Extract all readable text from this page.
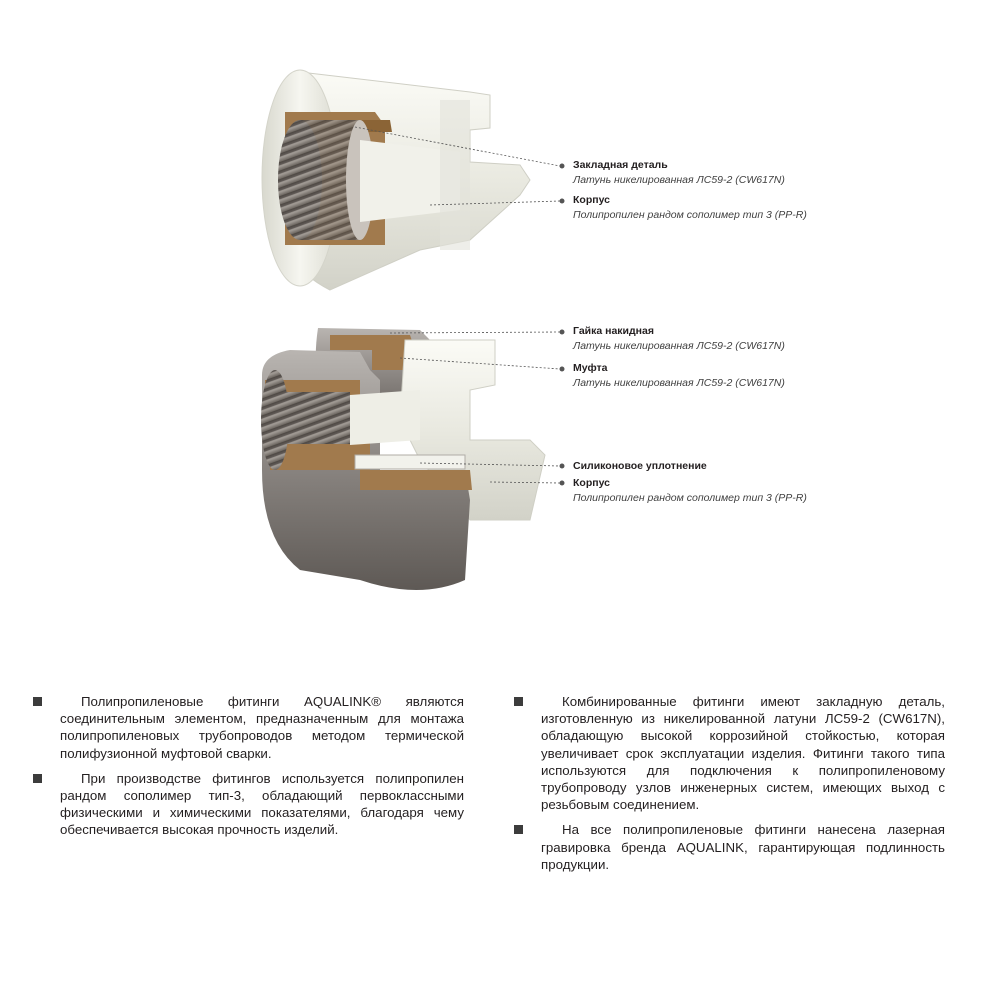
Закладная деталь
Латунь никелированная ЛС59-2 (CW617N)
Корпус
Полипропилен рандом сополимер тип 3 (PP-R)
Гайка накидная
Латунь никелированная ЛС59-2 (CW617N)
Муфта
Латунь никелированная ЛС59-2 (CW617N)
Силиконовое уплотнение
Корпус
Полипропилен рандом сополимер тип 3 (PP-R)

Полипропиленовые фитинги AQUALINK® являются соединительным элементом, предназначенным для монтажа полипропиленовых трубопроводов методом термической полифузионной муфтовой сварки.

При производстве фитингов используется полипропилен рандом сополимер тип-3, обладающий первоклассными физическими и химическими показателями, благодаря чему обеспечивается высокая прочность изделий.

Комбинированные фитинги имеют закладную деталь, изготовленную из никелированной латуни ЛС59-2 (CW617N), обладающую высокой коррозийной стойкостью, которая увеличивает срок эксплуатации изделия. Фитинги такого типа используются для подключения к полипропиленовому трубопроводу узлов инженерных систем, имеющих выход с резьбовым соединением.

На все полипропиленовые фитинги нанесена лазерная гравировка бренда AQUALINK, гарантирующая подлинность продукции.
